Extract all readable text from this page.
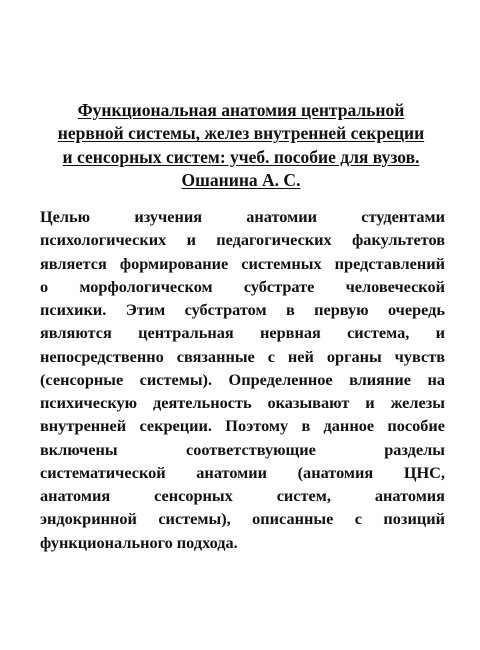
Функциональная анатомия центральной
нервной системы, желез внутренней секреции
и сенсорных систем: учеб. пособие для вузов.
Ошанина А. С.

Целью изучения анатомии студентами
психологических и педагогических факультетов
является формирование системных представлений
о морфологическом субстрате человеческой
психики. Этим субстратом в первую очередь
являются центральная нервная система, и
непосредственно связанные с ней органы чувств
(сенсорные системы). Определенное влияние на
психическую деятельность оказывают и железы
внутренней секреции. Поэтому в данное пособие
включены соответствующие разделы
систематической анатомии (анатомия ЦНС,
анатомия сенсорных систем, анатомия
эндокринной системы), описанные с позиций
функционального подхода.
